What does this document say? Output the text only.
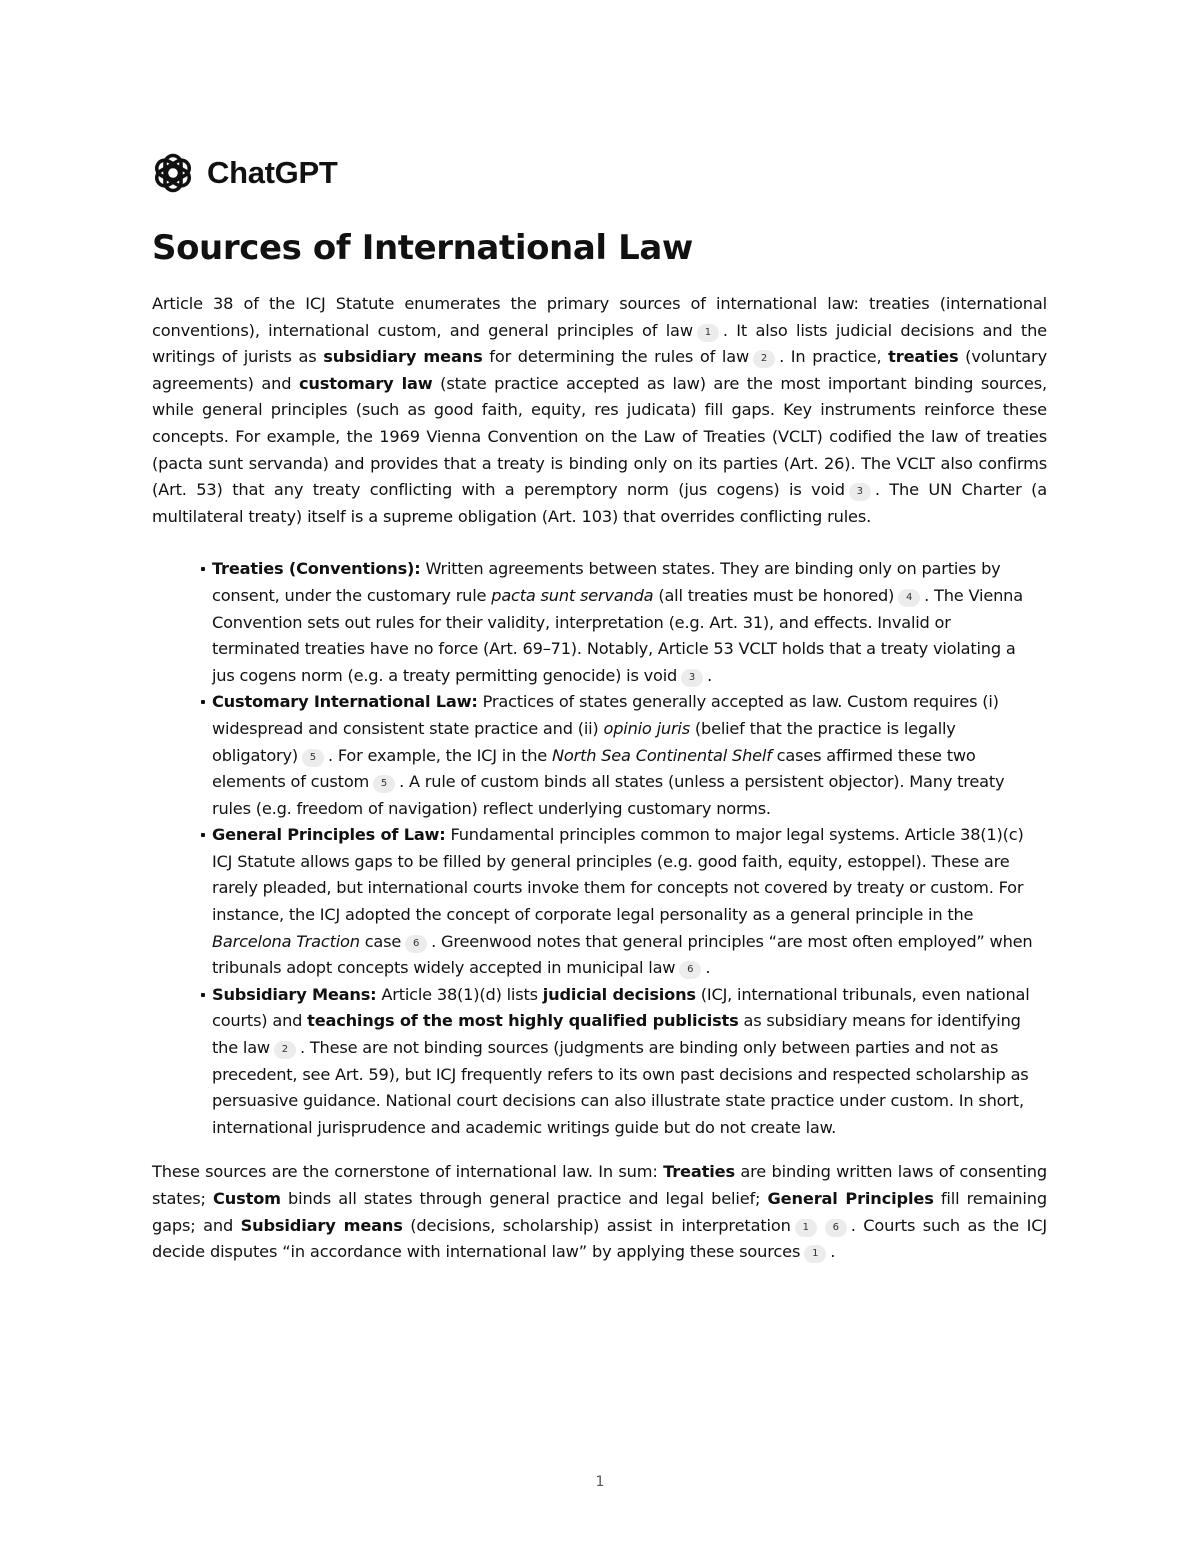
ChatGPT
Sources of International Law

Article 38 of the ICJ Statute enumerates the primary sources of international law: treaties (international conventions), international custom, and general principles of law 1 . It also lists judicial decisions and the writings of jurists as subsidiary means for determining the rules of law 2 . In practice, treaties (voluntary agreements) and customary law (state practice accepted as law) are the most important binding sources, while general principles (such as good faith, equity, res judicata) fill gaps. Key instruments reinforce these concepts. For example, the 1969 Vienna Convention on the Law of Treaties (VCLT) codified the law of treaties (pacta sunt servanda) and provides that a treaty is binding only on its parties (Art. 26). The VCLT also confirms (Art. 53) that any treaty conflicting with a peremptory norm (jus cogens) is void 3 . The UN Charter (a multilateral treaty) itself is a supreme obligation (Art. 103) that overrides conflicting rules.

Treaties (Conventions): Written agreements between states. They are binding only on parties by consent, under the customary rule pacta sunt servanda (all treaties must be honored) 4 . The Vienna Convention sets out rules for their validity, interpretation (e.g. Art. 31), and effects. Invalid or terminated treaties have no force (Art. 69–71). Notably, Article 53 VCLT holds that a treaty violating a jus cogens norm (e.g. a treaty permitting genocide) is void 3 .
Customary International Law: Practices of states generally accepted as law. Custom requires (i) widespread and consistent state practice and (ii) opinio juris (belief that the practice is legally obligatory) 5 . For example, the ICJ in the North Sea Continental Shelf cases affirmed these two elements of custom 5 . A rule of custom binds all states (unless a persistent objector). Many treaty rules (e.g. freedom of navigation) reflect underlying customary norms.
General Principles of Law: Fundamental principles common to major legal systems. Article 38(1)(c) ICJ Statute allows gaps to be filled by general principles (e.g. good faith, equity, estoppel). These are rarely pleaded, but international courts invoke them for concepts not covered by treaty or custom. For instance, the ICJ adopted the concept of corporate legal personality as a general principle in the Barcelona Traction case 6 . Greenwood notes that general principles “are most often employed” when tribunals adopt concepts widely accepted in municipal law 6 .
Subsidiary Means: Article 38(1)(d) lists judicial decisions (ICJ, international tribunals, even national courts) and teachings of the most highly qualified publicists as subsidiary means for identifying the law 2 . These are not binding sources (judgments are binding only between parties and not as precedent, see Art. 59), but ICJ frequently refers to its own past decisions and respected scholarship as persuasive guidance. National court decisions can also illustrate state practice under custom. In short, international jurisprudence and academic writings guide but do not create law.

These sources are the cornerstone of international law. In sum: Treaties are binding written laws of consenting states; Custom binds all states through general practice and legal belief; General Principles fill remaining gaps; and Subsidiary means (decisions, scholarship) assist in interpretation 1 6 . Courts such as the ICJ decide disputes “in accordance with international law” by applying these sources 1 .

1
